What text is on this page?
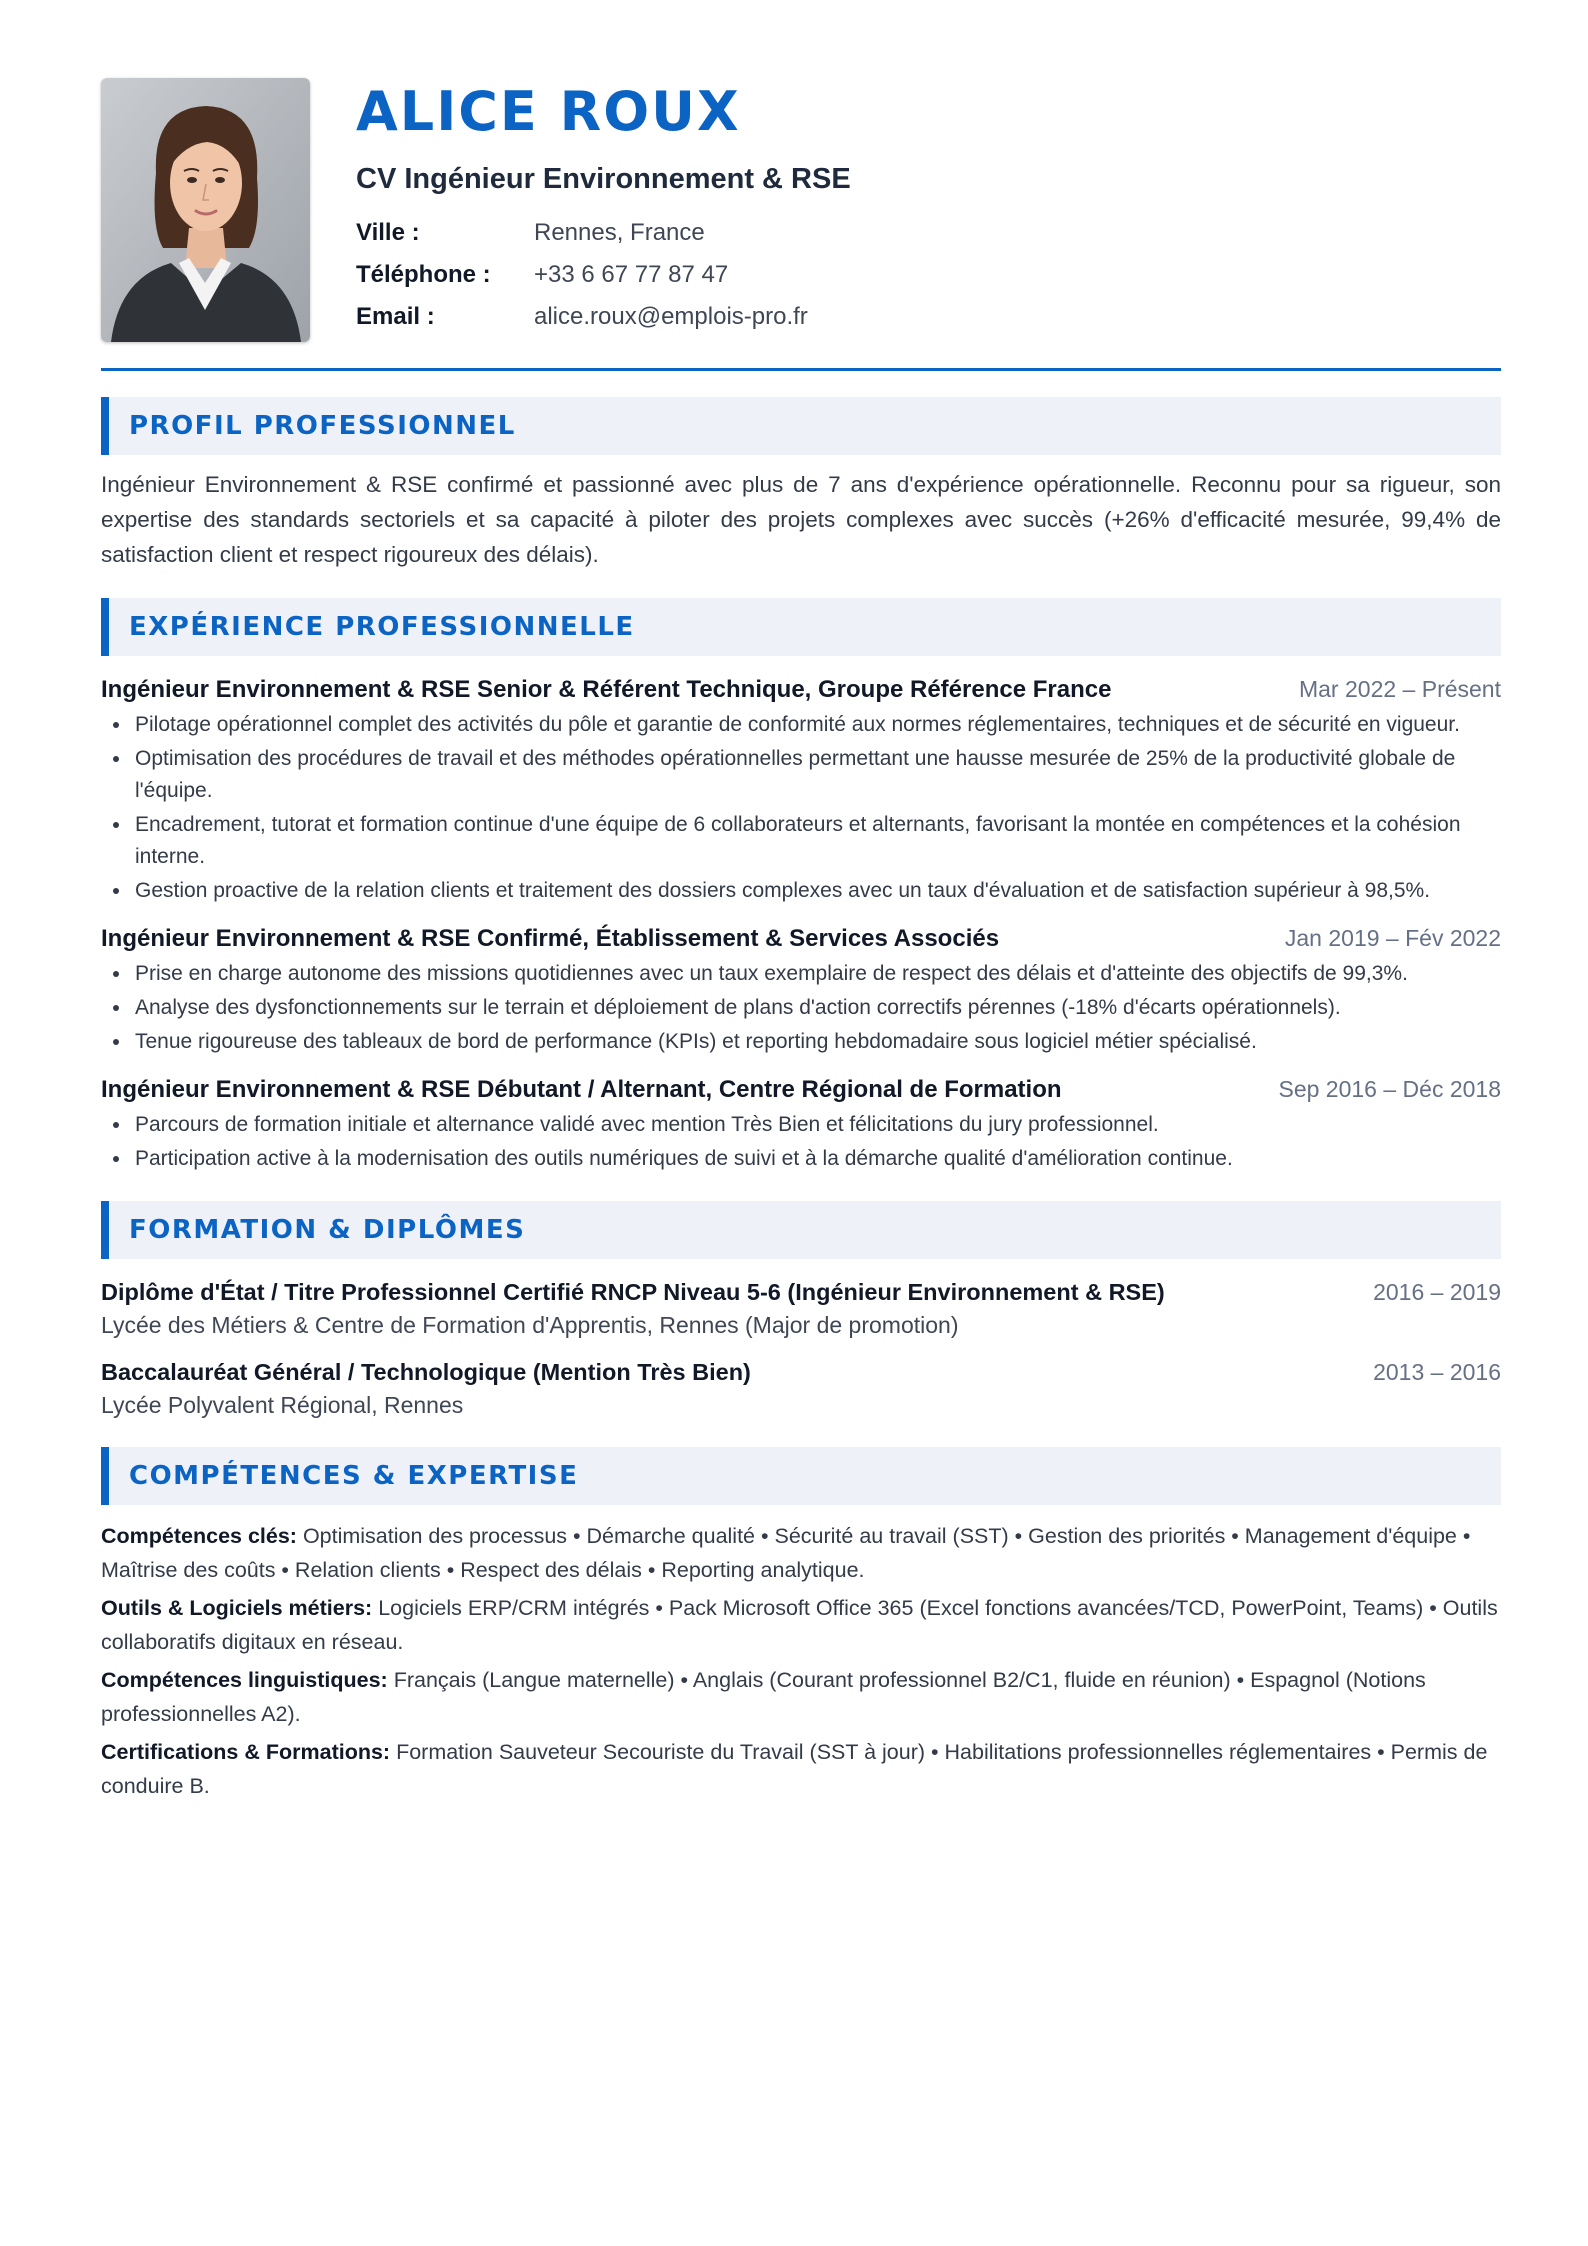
ALICE ROUX
CV Ingénieur Environnement & RSE
Ville :	Rennes, France
Téléphone :	+33 6 67 77 87 47
Email :	alice.roux@emplois-pro.fr
PROFIL PROFESSIONNEL

Ingénieur Environnement & RSE confirmé et passionné avec plus de 7 ans d'expérience opérationnelle. Reconnu pour sa rigueur, son expertise des standards sectoriels et sa capacité à piloter des projets complexes avec succès (+26% d'efficacité mesurée, 99,4% de satisfaction client et respect rigoureux des délais).

EXPÉRIENCE PROFESSIONNELLE
Ingénieur Environnement & RSE Senior & Référent Technique, Groupe Référence France	Mar 2022 – Présent
Pilotage opérationnel complet des activités du pôle et garantie de conformité aux normes réglementaires, techniques et de sécurité en vigueur.
Optimisation des procédures de travail et des méthodes opérationnelles permettant une hausse mesurée de 25% de la productivité globale de l'équipe.
Encadrement, tutorat et formation continue d'une équipe de 6 collaborateurs et alternants, favorisant la montée en compétences et la cohésion interne.
Gestion proactive de la relation clients et traitement des dossiers complexes avec un taux d'évaluation et de satisfaction supérieur à 98,5%.
Ingénieur Environnement & RSE Confirmé, Établissement & Services Associés	Jan 2019 – Fév 2022
Prise en charge autonome des missions quotidiennes avec un taux exemplaire de respect des délais et d'atteinte des objectifs de 99,3%.
Analyse des dysfonctionnements sur le terrain et déploiement de plans d'action correctifs pérennes (-18% d'écarts opérationnels).
Tenue rigoureuse des tableaux de bord de performance (KPIs) et reporting hebdomadaire sous logiciel métier spécialisé.
Ingénieur Environnement & RSE Débutant / Alternant, Centre Régional de Formation	Sep 2016 – Déc 2018
Parcours de formation initiale et alternance validé avec mention Très Bien et félicitations du jury professionnel.
Participation active à la modernisation des outils numériques de suivi et à la démarche qualité d'amélioration continue.
FORMATION & DIPLÔMES
Diplôme d'État / Titre Professionnel Certifié RNCP Niveau 5-6 (Ingénieur Environnement & RSE)	2016 – 2019
Lycée des Métiers & Centre de Formation d'Apprentis, Rennes (Major de promotion)
Baccalauréat Général / Technologique (Mention Très Bien)	2013 – 2016
Lycée Polyvalent Régional, Rennes
COMPÉTENCES & EXPERTISE

Compétences clés: Optimisation des processus • Démarche qualité • Sécurité au travail (SST) • Gestion des priorités • Management d'équipe • Maîtrise des coûts • Relation clients • Respect des délais • Reporting analytique.

Outils & Logiciels métiers: Logiciels ERP/CRM intégrés • Pack Microsoft Office 365 (Excel fonctions avancées/TCD, PowerPoint, Teams) • Outils collaboratifs digitaux en réseau.

Compétences linguistiques: Français (Langue maternelle) • Anglais (Courant professionnel B2/C1, fluide en réunion) • Espagnol (Notions professionnelles A2).

Certifications & Formations: Formation Sauveteur Secouriste du Travail (SST à jour) • Habilitations professionnelles réglementaires • Permis de conduire B.
